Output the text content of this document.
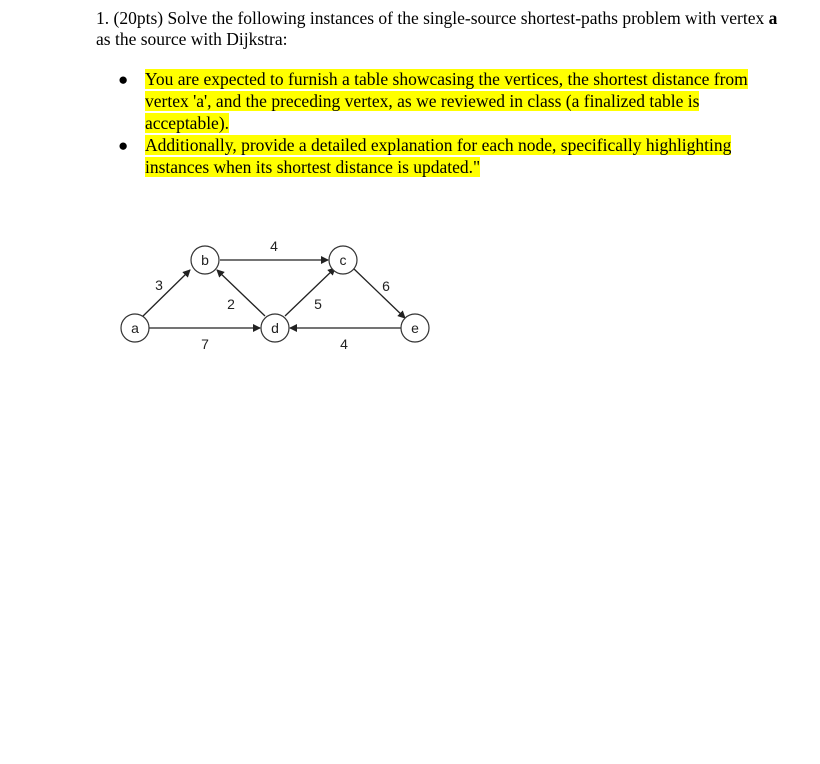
1. (20pts) Solve the following instances of the single-source shortest-paths problem with vertex a as the source with Dijkstra:

● You are expected to furnish a table showcasing the vertices, the shortest distance from vertex 'a', and the preceding vertex, as we reviewed in class (a finalized table is acceptable).
● Additionally, provide a detailed explanation for each node, specifically highlighting instances when its shortest distance is updated."
3
4
7
2	5
6
4
a
b	c
d	e
